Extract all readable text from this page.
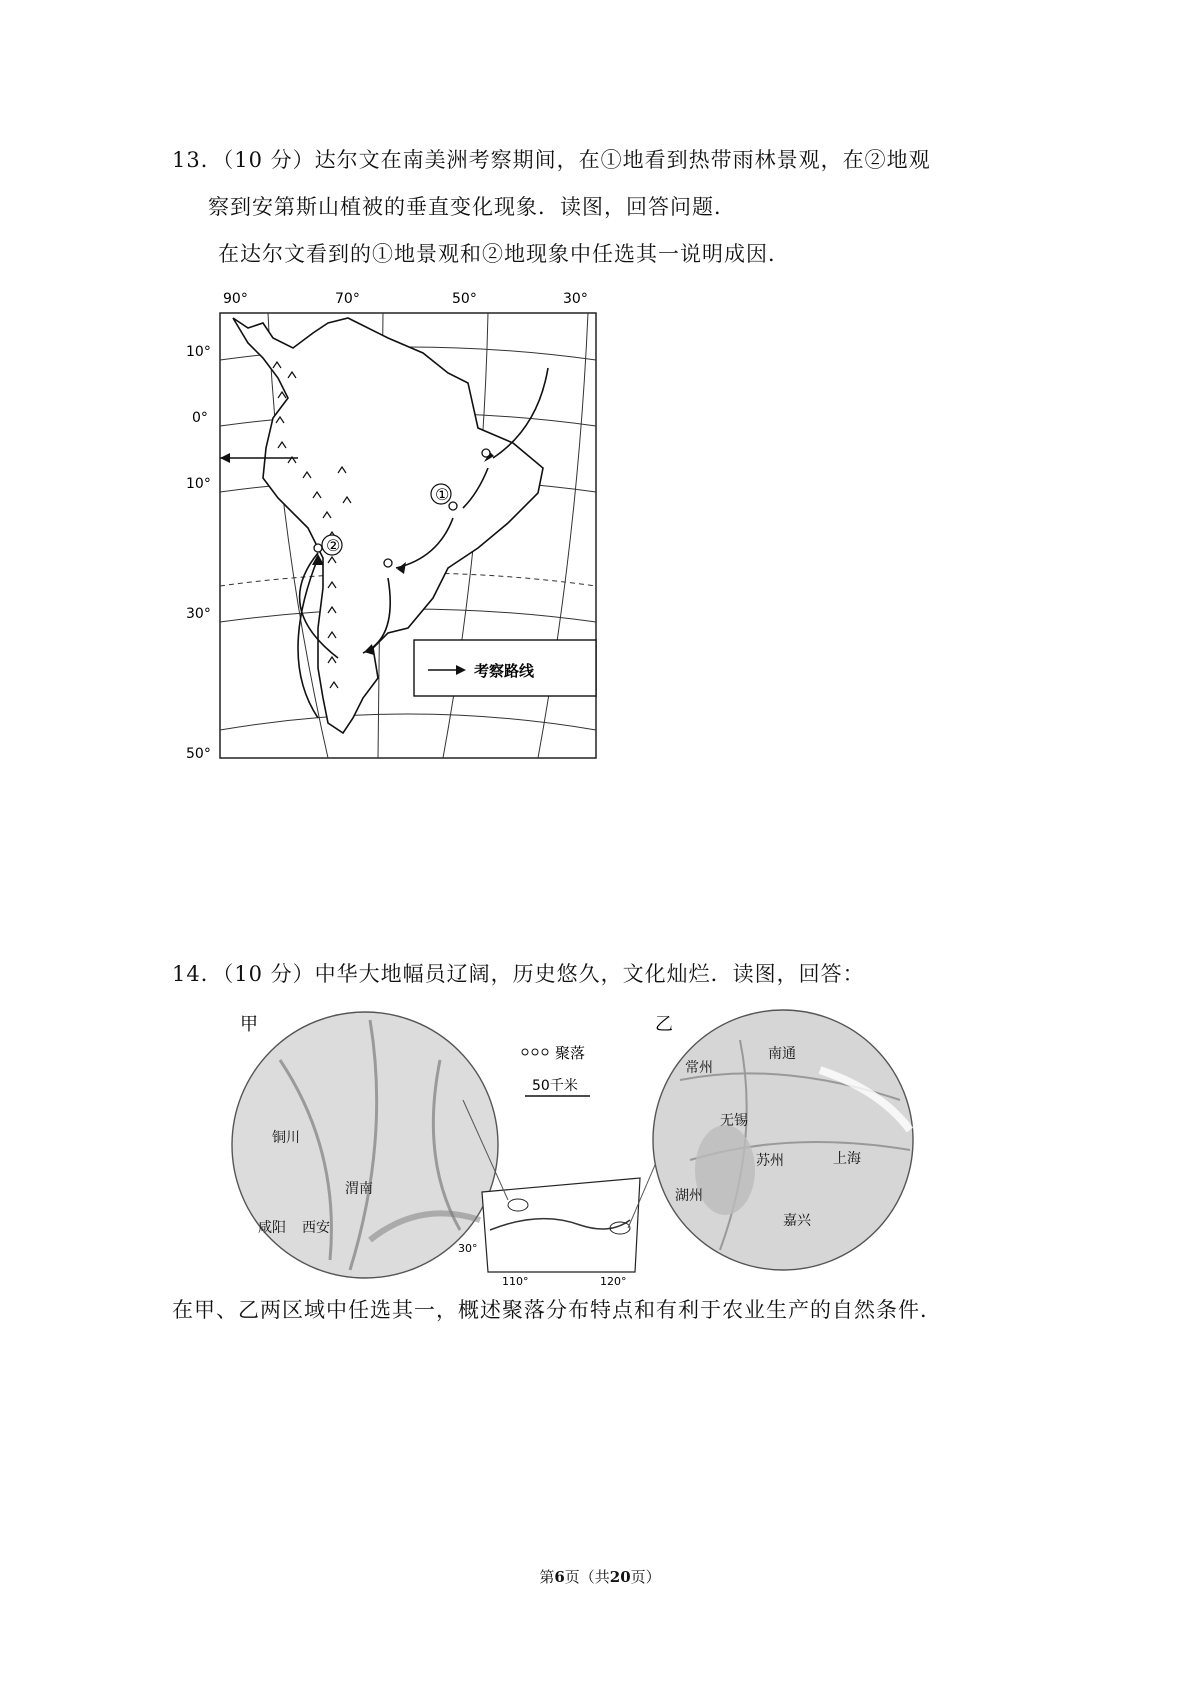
13．（10 分）达尔文在南美洲考察期间，在①地看到热带雨林景观，在②地观
察到安第斯山植被的垂直变化现象．读图，回答问题．
在达尔文看到的①地景观和②地现象中任选其一说明成因．
90°	70°	50°	30°
10°
0°
10°
30°
50°
①
②
考察路线
14．（10 分）中华大地幅员辽阔，历史悠久，文化灿烂．读图，回答：
甲
铜川
渭南
咸阳 西安
聚落
50千米
30°
110°	120°
乙
常州
南通
无锡
苏州	上海
湖州
嘉兴
在甲、乙两区域中任选其一，概述聚落分布特点和有利于农业生产的自然条件．
第6页（共20页）
